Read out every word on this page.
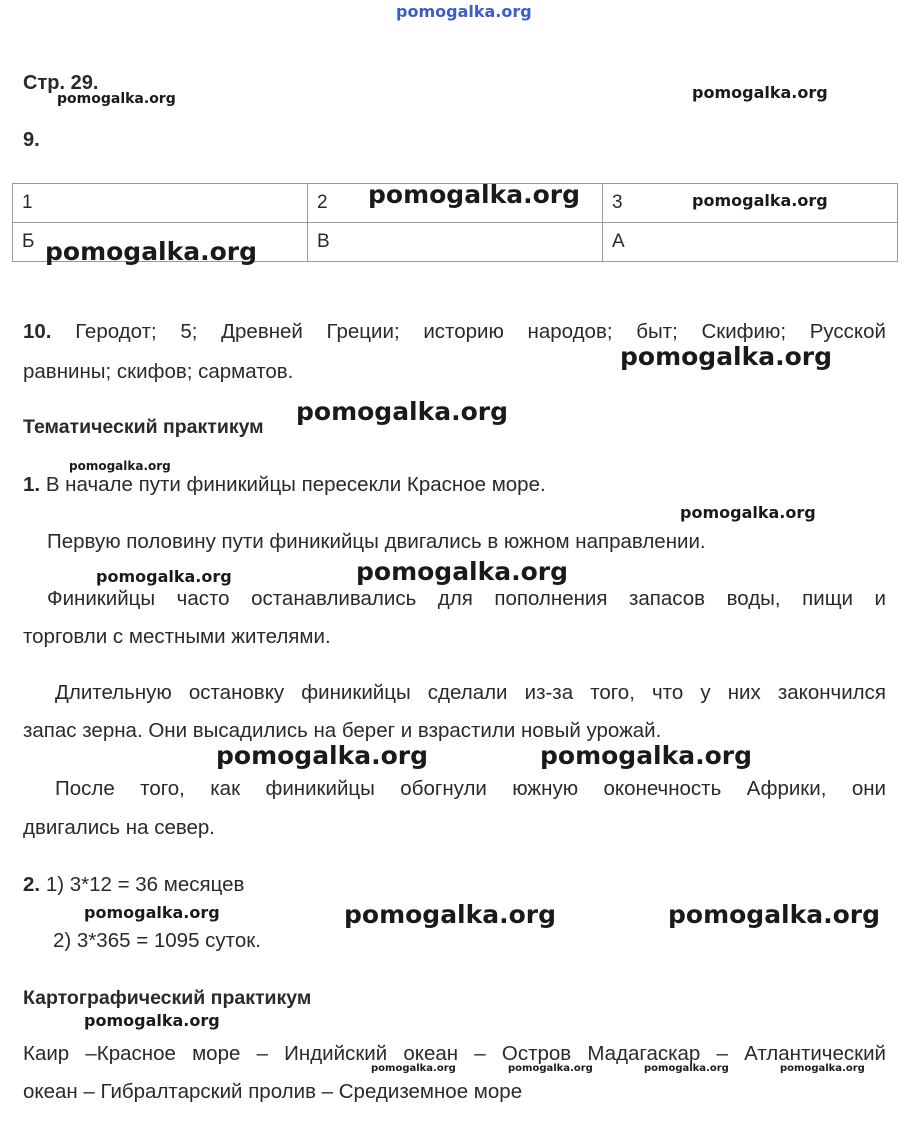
pomogalka.org
Стр. 29.
pomogalka.org	pomogalka.org
9.
1	2	3
Б	В	А
pomogalka.org	pomogalka.org
pomogalka.org
10. Геродот; 5; Древней Греции; историю народов; быт; Скифию; Русской
равнины; скифов; сарматов.
pomogalka.org
Тематический практикум
pomogalka.org
pomogalka.org
1. В начале пути финикийцы пересекли Красное море.
pomogalka.org
Первую половину пути финикийцы двигались в южном направлении.
pomogalka.org	pomogalka.org
Финикийцы часто останавливались для пополнения запасов воды, пищи и
торговли с местными жителями.
Длительную остановку финикийцы сделали из-за того, что у них закончился
запас зерна. Они высадились на берег и взрастили новый урожай.
pomogalka.org	pomogalka.org
После того, как финикийцы обогнули южную оконечность Африки, они
двигались на север.
2. 1) 3*12 = 36 месяцев
pomogalka.org	pomogalka.org	pomogalka.org
2) 3*365 = 1095 суток.
Картографический практикум
pomogalka.org
Каир –Красное море – Индийский океан – Остров Мадагаскар – Атлантический
pomogalka.org	pomogalka.org	pomogalka.org	pomogalka.org
океан – Гибралтарский пролив – Средиземное море
